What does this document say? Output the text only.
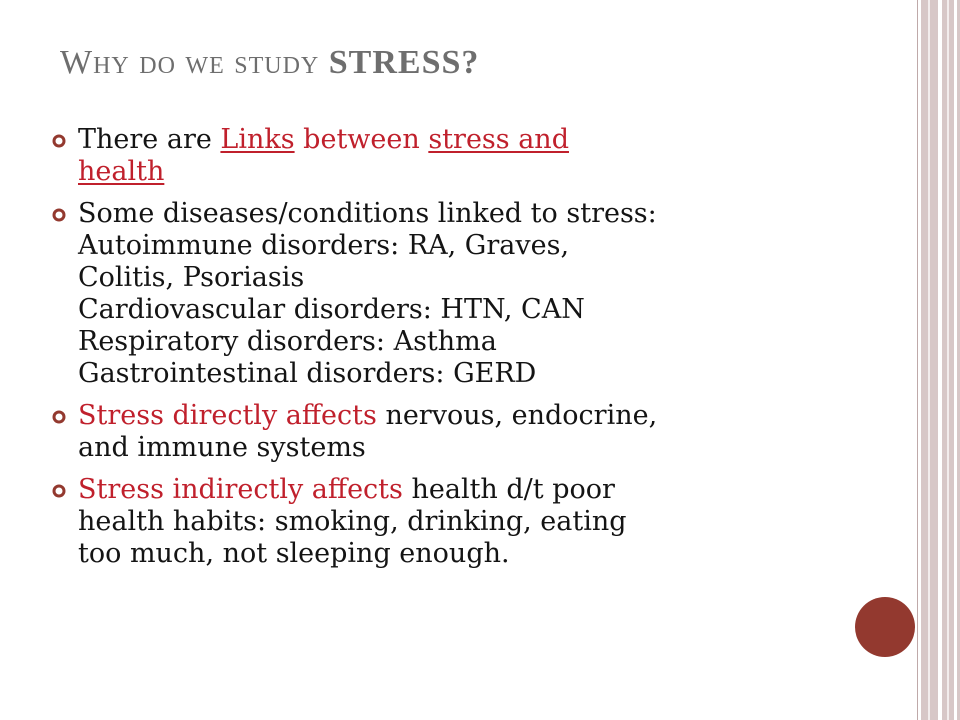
Why do we study STRESS?
There are Links between stress and
health
Some diseases/conditions linked to stress:
Autoimmune disorders: RA, Graves,
Colitis, Psoriasis
Cardiovascular disorders: HTN, CAN
Respiratory disorders: Asthma
Gastrointestinal disorders: GERD
Stress directly affects nervous, endocrine,
and immune systems
Stress indirectly affects health d/t poor
health habits: smoking, drinking, eating
too much, not sleeping enough.
